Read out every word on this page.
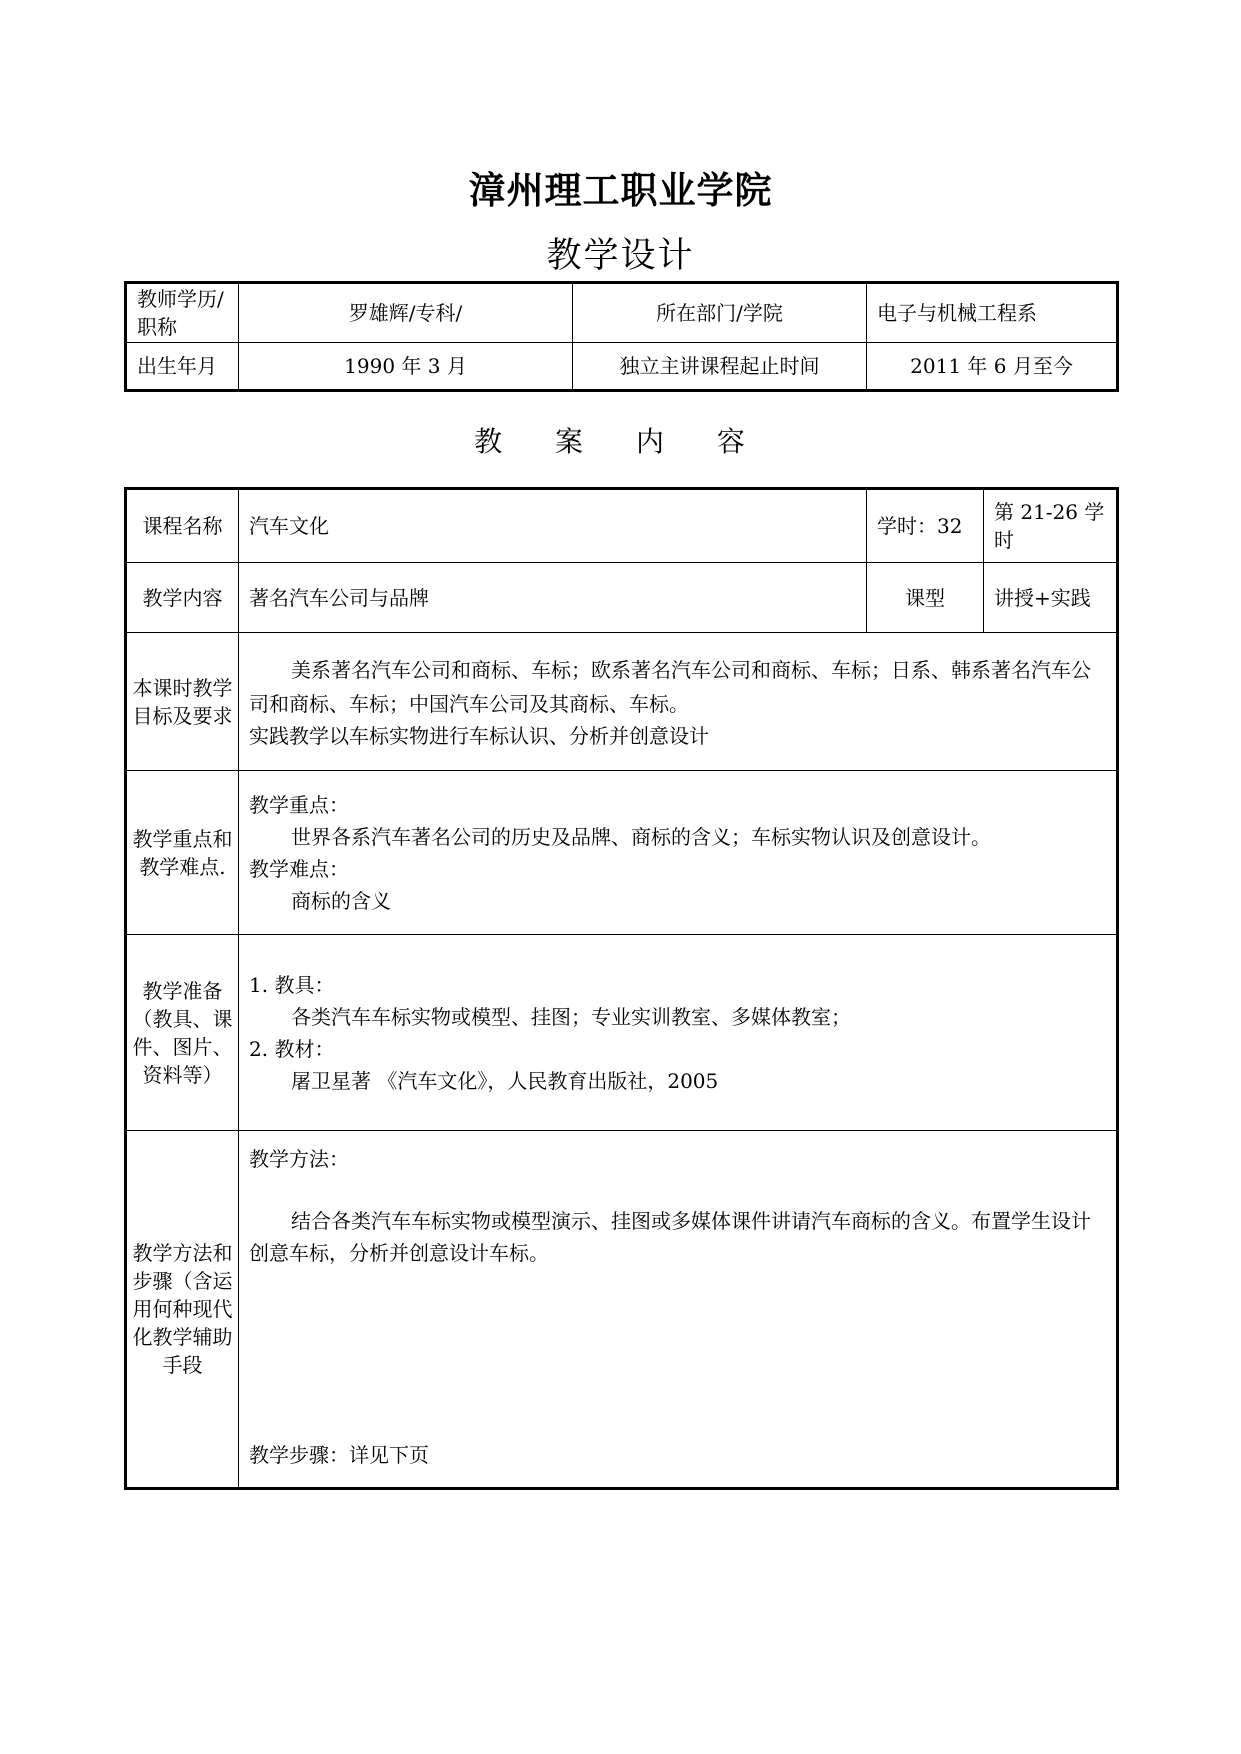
漳州理工职业学院
教学设计
教师学历/职称	罗雄辉/专科/	所在部门/学院	电子与机械工程系
出生年月	1990 年 3 月	独立主讲课程起止时间	2011 年 6 月至今
教 案 内 容
课程名称	汽车文化	学时：32	第 21-26 学时
教学内容	著名汽车公司与品牌	课型	讲授+实践
本课时教学目标及要求	美系著名汽车公司和商标、车标；欧系著名汽车公司和商标、车标；日系、韩系著名汽车公司和商标、车标；中国汽车公司及其商标、车标。

实践教学以车标实物进行车标认识、分析并创意设计		

教学重点和教学难点.	教学重点：

世界各系汽车著名公司的历史及品牌、商标的含义；车标实物认识及创意设计。

教学难点：

商标的含义		

教学准备（教具、课件、图片、资料等）	1. 教具：

各类汽车车标实物或模型、挂图；专业实训教室、多媒体教室；

2. 教材：

屠卫星著 《汽车文化》，人民教育出版社，2005		

教学方法和步骤（含运用何种现代化教学辅助手段	教学方法：

结合各类汽车车标实物或模型演示、挂图或多媒体课件讲请汽车商标的含义。布置学生设计创意车标，分析并创意设计车标。

教学步骤：详见下页		
